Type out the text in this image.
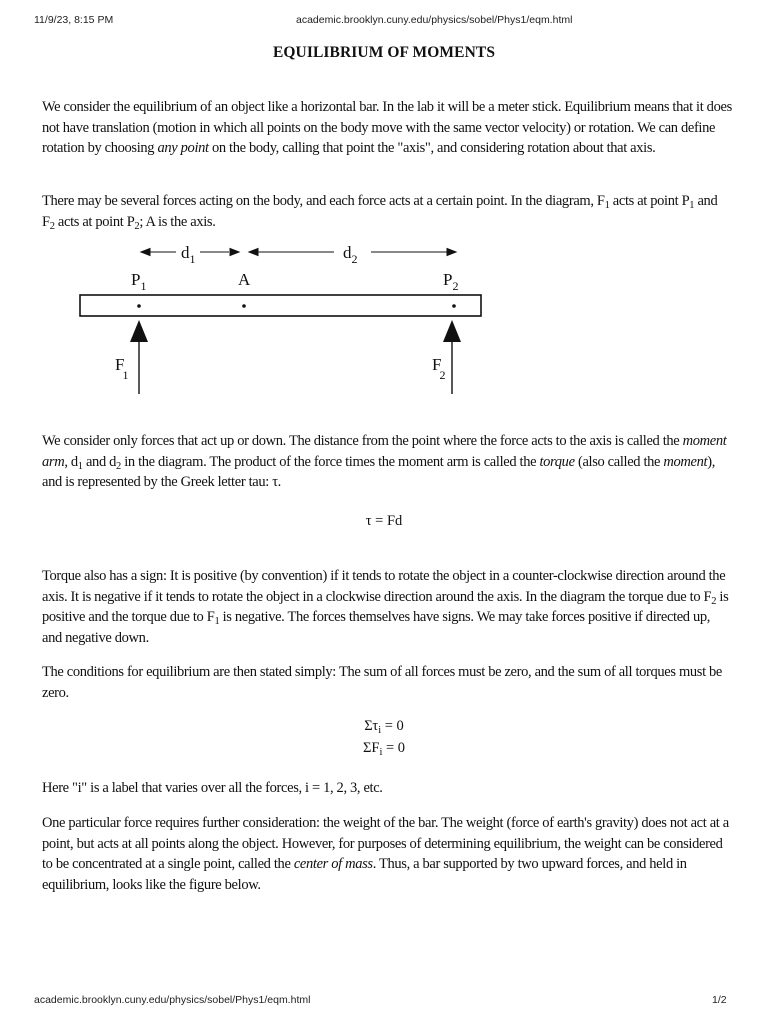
11/9/23, 8:15 PM	academic.brooklyn.cuny.edu/physics/sobel/Phys1/eqm.html
EQUILIBRIUM OF MOMENTS

We consider the equilibrium of an object like a horizontal bar. In the lab it will be a meter stick. Equilibrium means that it does not have translation (motion in which all points on the body move with the same vector velocity) or rotation. We can define rotation by choosing any point on the body, calling that point the "axis", and considering rotation about that axis.

There may be several forces acting on the body, and each force acts at a certain point. In the diagram, $F_1$ acts at point $P_1$ and $F_2$ acts at point $P_2$; A is the axis.

$d_1$	$d_2$
$P_1$	A	$P_2$
F 1
F 2

We consider only forces that act up or down. The distance from the point where the force acts to the axis is called the moment arm, $d_1$ and $d_2$ in the diagram. The product of the force times the moment arm is called the torque (also called the moment), and is represented by the Greek letter tau: τ.

τ = Fd

Torque also has a sign: It is positive (by convention) if it tends to rotate the object in a counter-clockwise direction around the axis. It is negative if it tends to rotate the object in a clockwise direction around the axis. In the diagram the torque due to $F_2$ is positive and the torque due to $F_1$ is negative. The forces themselves have signs. We may take forces positive if directed up, and negative down.

The conditions for equilibrium are then stated simply: The sum of all forces must be zero, and the sum of all torques must be zero.

$\Sigma\tau_i = 0$

$\Sigma F_i = 0$

Here "i" is a label that varies over all the forces, i = 1, 2, 3, etc.

One particular force requires further consideration: the weight of the bar. The weight (force of earth's gravity) does not act at a point, but acts at all points along the object. However, for purposes of determining equilibrium, the weight can be considered to be concentrated at a single point, called the center of mass. Thus, a bar supported by two upward forces, and held in equilibrium, looks like the figure below.

academic.brooklyn.cuny.edu/physics/sobel/Phys1/eqm.html	1/2
